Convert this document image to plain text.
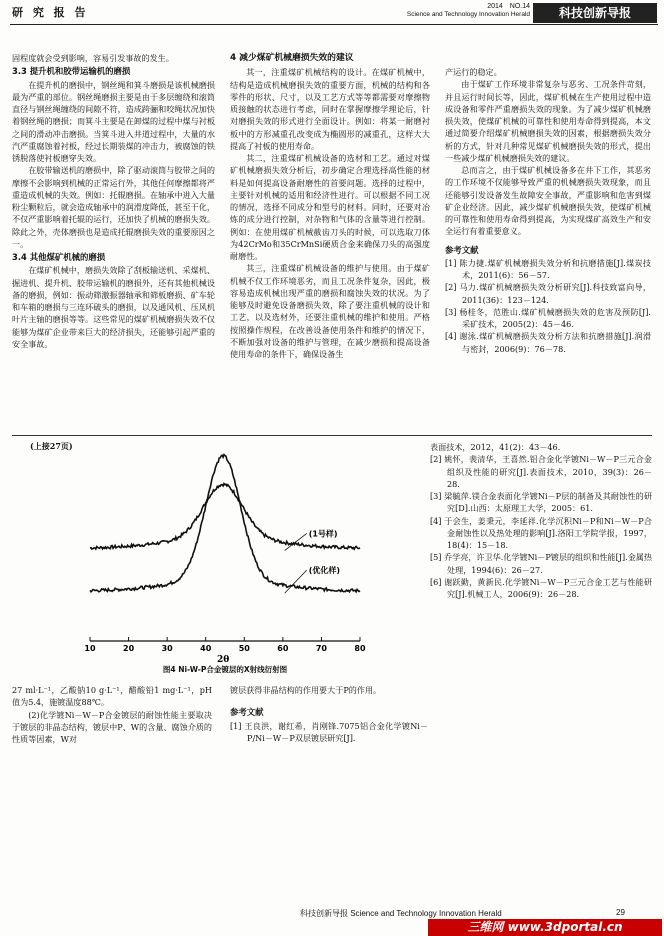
研 究 报 告	2014　NO.14
Science and Technology Innovation Herald	科技创新导报

固程度就会受到影响，容易引发事故的发生。

3.3 提升机和胶带运输机的磨损

在提升机的磨损中，钢丝绳和箕斗磨损是该机械磨损最为严重的部位。钢丝绳磨损主要是由于多层缠绕和滚筒直径与钢丝绳缠绕的间隙不符，造成跨骊和咬绳状况加快着钢丝绳的磨损；而箕斗主要是在卸煤的过程中煤与衬板之间的滑动冲击磨损。当箕斗进入井道过程中，大量的水汽严重腐蚀着衬板，经过长期装煤的冲击力，被腐蚀的铁锈脱落使衬板磨穿失效。

在胶带输送机的磨损中，除了驱动滚筒与胶带之间的摩擦不会影响到机械的正常运行外，其他任何摩擦都将严重造成机械的失效。例如：托辊磨损。在轴承中进入大量粉尘颗粒后，就会造成轴承中的润滑度降低，甚至干化，不仅严重影响着托辊的运行，还加快了机械的磨损失效。除此之外，壳体磨损也是造成托辊磨损失效的重要原因之一。

3.4 其他煤矿机械的磨损

在煤矿机械中，磨损失效除了刮板输送机、采煤机、掘进机、提升机、胶带运输机的磨损外，还有其他机械设备的磨损，例如：振动筛激振器轴承和筛板磨损、矿车轮和车箱的磨损与三连环破头的磨损，以及通风机、压风机叶片主轴的磨损等等。这些常见的煤矿机械磨损失效不仅能够为煤矿企业带来巨大的经济损失，还能够引起严重的安全事故。

4 减少煤矿机械磨损失效的建议

其一，注重煤矿机械结构的设计。在煤矿机械中，结构是造成机械磨损失效的重要方面，机械的结构和各零件的形状、尺寸，以及工艺方式等等都需要对摩擦物质接触的状态进行考虑，同时在掌握摩擦学理论后，针对磨损失效的形式进行全面设计。例如：将某一耐磨衬板中的方形减重孔改变成为椭圆形的减重孔，这样大大提高了衬板的使用寿命。

其二，注重煤矿机械设备的选材和工艺。通过对煤矿机械磨损失效分析后，初步确定合理选择高性能的材料是如何提高设备耐磨性的首要问题。选择的过程中，主要针对机械的适用和经济性进行。可以根据不同工况的情况，选择不同成分和型号的材料。同时，还要对冶炼的成分进行控制，对杂物和气体的含量等进行控制。例如：在使用煤矿机械截齿刀头的时候，可以选取刀体为42CrMo和35CrMnSi硬质合金来确保刀头的高强度耐磨性。

其三，注重煤矿机械设备的维护与使用。由于煤矿机械不仅工作环境恶劣，而且工况条件复杂，因此，极容易造成机械出现严重的磨损和腐蚀失效的状况。为了能够及时避免设备磨损失效，除了要注重机械的设计和工艺，以及选材外，还要注重机械的维护和使用。严格按照操作规程，在改善设备使用条件和维护的情况下，不断加强对设备的维护与管理，在减少磨损和提高设备使用寿命的条件下，确保设备生

产运行的稳定。

由于煤矿工作环境非常复杂与恶劣、工况条件苛刻，并且运行时间长等，因此，煤矿机械在生产使用过程中造成设备和零件严重磨损失效的现象。为了减少煤矿机械磨损失效，使煤矿机械的可靠性和使用寿命得到提高，本文通过简要介绍煤矿机械磨损失效的因素，根据磨损失效分析的方式，针对几种常见煤矿机械磨损失效的形式，提出一些减少煤矿机械磨损失效的建议。

总而言之，由于煤矿机械设备多在井下工作，其恶劣的工作环境不仅能够导致严重的机械磨损失效现象，而且还能够引发设备发生故障安全事故，严重影响和危害到煤矿企业经济。因此，减少煤矿机械磨损失效，使煤矿机械的可靠性和使用寿命得到提高，为实现煤矿高效生产和安全运行有着重要意义。

参考文献
[1] 陈力捷.煤矿机械磨损失效分析和抗磨措施[J].煤炭技术，2011(6)：56－57.
[2] 马力.煤矿机械磨损失效分析研究[J].科技致富向导，2011(36)：123－124.
[3] 杨桂冬，范胜山.煤矿机械磨损失效的危害及预防[J].采矿技术，2005(2)：45－46.
[4] 谢泳.煤矿机械磨损失效分析方法和抗磨措施[J].润滑与密封，2006(9)：76－78.
(上接27页)
10	20	30	40	50	60	70	80
2θ
(1号样)
(优化样)
图4 Ni-W-P合金镀层的X射线衍射图

27 ml·L⁻¹，乙酸钠10 g·L⁻¹，醋酸铅1 mg·L⁻¹，pH值为5.4，施镀温度88℃。

(2)化学镀Ni－W－P合金镀层的耐蚀性能主要取决于镀层的非晶态结构，镀层中P、W的含量、腐蚀介质的性质等因素，W对

镀层获得非晶结构的作用要大于P的作用。

参考文献
[1] 王良洪，谢红希，肖刚锋.7075铝合金化学镀Ni－P/Ni－W－P双层镀层研究[J].
表面技术，2012，41(2)：43－46.
[2] 姚怀，裴清华，王喜然.铝合金化学镀Ni－W－P三元合金组织及性能的研究[J].表面技术，2010，39(3)：26－28.
[3] 梁毓萍.镁合金表面化学镀Ni－P层的制备及其耐蚀性的研究[D].山西：太原理工大学，2005：61.
[4] 于会生，姜秉元，李延祥.化学沉积Ni－P和Ni－W－P合金耐蚀性以及热处理的影响[J].洛阳工学院学报，1997，18(4)：15－18.
[5] 乔学亮，许卫华.化学镀Ni－P镀层的组织和性能[J].金属热处理，1994(6)：26－27.
[6] 谢跃勤，黄新民.化学镀Ni－W－P三元合金工艺与性能研究[J].机械工人，2006(9)：26－28.
科技创新导报 Science and Technology Innovation Herald	29
三维网 www.3dportal.cn
